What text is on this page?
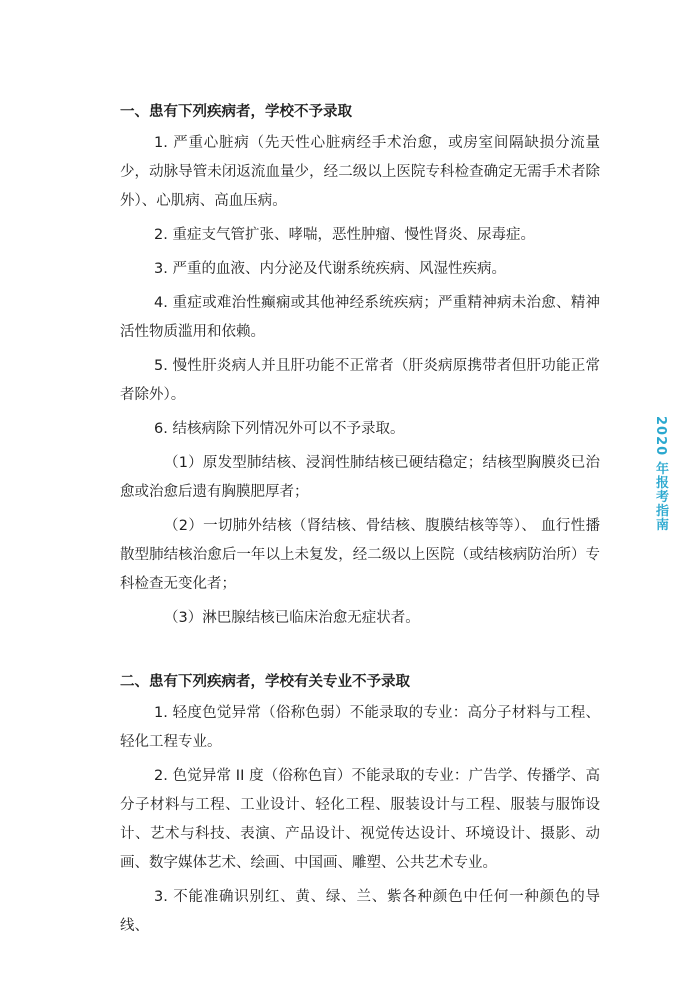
一、患有下列疾病者，学校不予录取

1. 严重心脏病（先天性心脏病经手术治愈，或房室间隔缺损分流量少，动脉导管未闭返流血量少，经二级以上医院专科检查确定无需手术者除外）、心肌病、高血压病。

2. 重症支气管扩张、哮喘，恶性肿瘤、慢性肾炎、尿毒症。

3. 严重的血液、内分泌及代谢系统疾病、风湿性疾病。

4. 重症或难治性癫痫或其他神经系统疾病；严重精神病未治愈、精神活性物质滥用和依赖。

5. 慢性肝炎病人并且肝功能不正常者（肝炎病原携带者但肝功能正常者除外）。

6. 结核病除下列情况外可以不予录取。

（1）原发型肺结核、浸润性肺结核已硬结稳定；结核型胸膜炎已治愈或治愈后遗有胸膜肥厚者；

（2）一切肺外结核（肾结核、骨结核、腹膜结核等等）、 血行性播散型肺结核治愈后一年以上未复发，经二级以上医院（或结核病防治所）专科检查无变化者；

（3）淋巴腺结核已临床治愈无症状者。

二、患有下列疾病者，学校有关专业不予录取

1. 轻度色觉异常（俗称色弱）不能录取的专业：高分子材料与工程、轻化工程专业。

2. 色觉异常 II 度（俗称色盲）不能录取的专业：广告学、传播学、高分子材料与工程、工业设计、轻化工程、服装设计与工程、服装与服饰设计、艺术与科技、表演、产品设计、视觉传达设计、环境设计、摄影、动画、数字媒体艺术、绘画、中国画、雕塑、公共艺术专业。

3. 不能准确识别红、黄、绿、兰、紫各种颜色中任何一种颜色的导线、

2020 年报考指南
